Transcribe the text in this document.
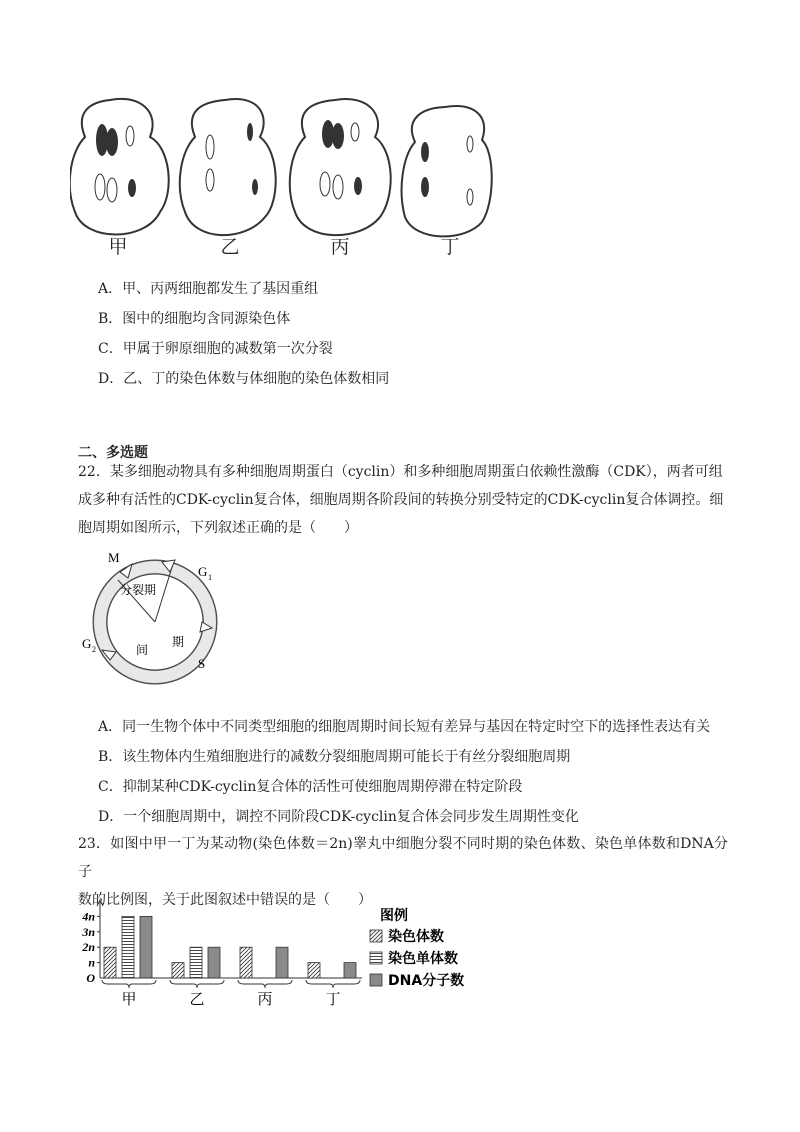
甲	乙	丙	丁
A．甲、丙两细胞都发生了基因重组
B．图中的细胞均含同源染色体
C．甲属于卵原细胞的减数第一次分裂
D．乙、丁的染色体数与体细胞的染色体数相同
二、多选题
22．某多细胞动物具有多种细胞周期蛋白（cyclin）和多种细胞周期蛋白依赖性激酶（CDK），两者可组
成多种有活性的CDK-cyclin复合体，细胞周期各阶段间的转换分别受特定的CDK-cyclin复合体调控。细
胞周期如图所示，下列叙述正确的是（　　）
M
G 1
G 2
S
分裂期
间
期
A．同一生物个体中不同类型细胞的细胞周期时间长短有差异与基因在特定时空下的选择性表达有关
B．该生物体内生殖细胞进行的减数分裂细胞周期可能长于有丝分裂细胞周期
C．抑制某种CDK-cyclin复合体的活性可使细胞周期停滞在特定阶段
D．一个细胞周期中，调控不同阶段CDK-cyclin复合体会同步发生周期性变化
23．如图中甲一丁为某动物(染色体数＝2n)睾丸中细胞分裂不同时期的染色体数、染色单体数和DNA分子
数的比例图，关于此图叙述中错误的是（　　）
4n
3n
2n
n
O
甲	乙	丙	丁
图例
染色体数
染色单体数
DNA分子数
